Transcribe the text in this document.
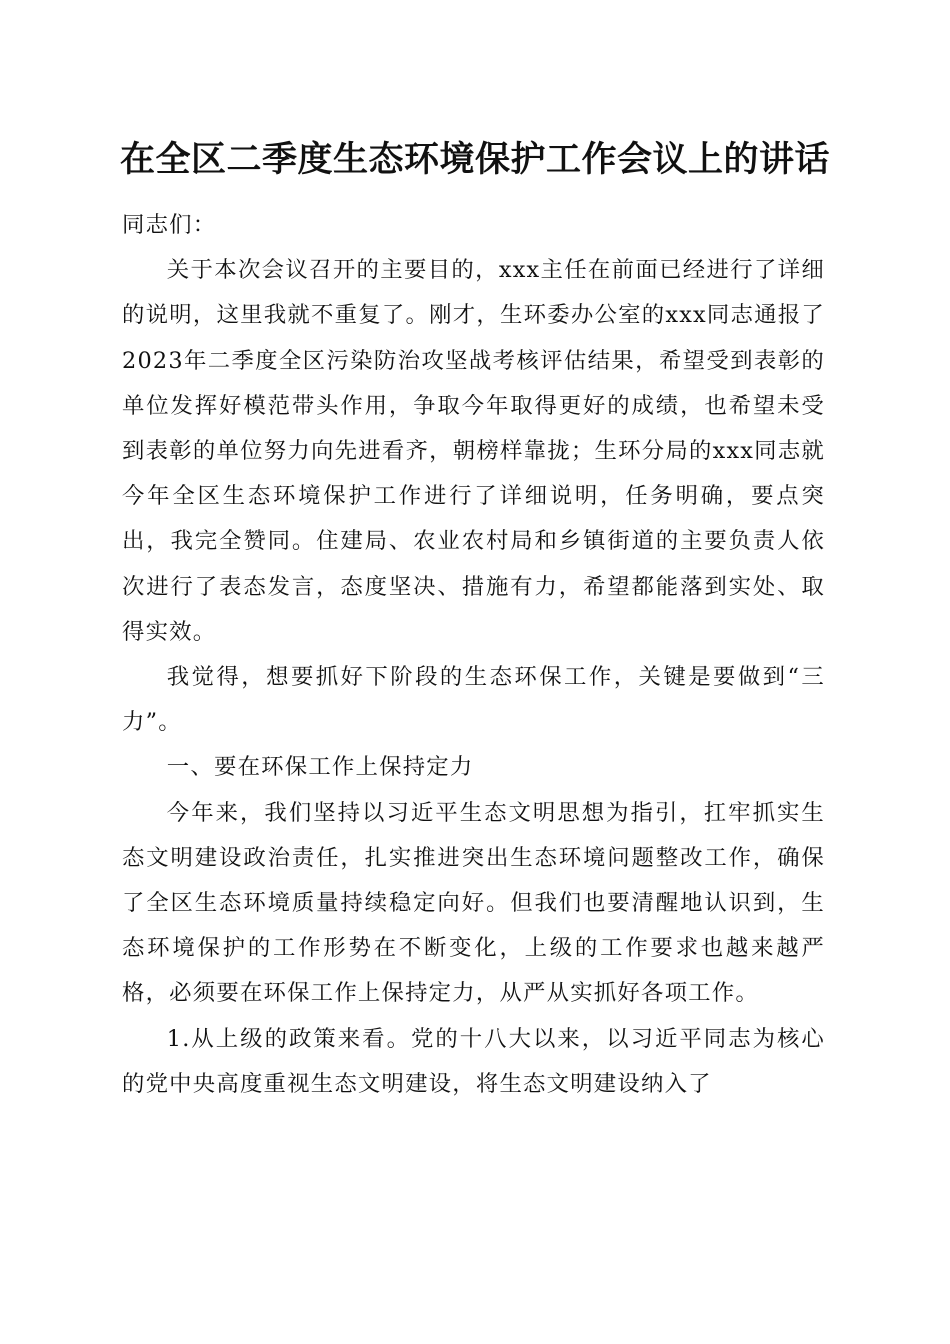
在全区二季度生态环境保护工作会议上的讲话

同志们：

关于本次会议召开的主要目的，xxx主任在前面已经进行了详细的说明，这里我就不重复了。刚才，生环委办公室的xxx同志通报了2023年二季度全区污染防治攻坚战考核评估结果，希望受到表彰的单位发挥好模范带头作用，争取今年取得更好的成绩，也希望未受到表彰的单位努力向先进看齐，朝榜样靠拢；生环分局的xxx同志就今年全区生态环境保护工作进行了详细说明，任务明确，要点突出，我完全赞同。住建局、农业农村局和乡镇街道的主要负责人依次进行了表态发言，态度坚决、措施有力，希望都能落到实处、取得实效。

我觉得，想要抓好下阶段的生态环保工作，关键是要做到“三力”。

一、要在环保工作上保持定力

今年来，我们坚持以习近平生态文明思想为指引，扛牢抓实生态文明建设政治责任，扎实推进突出生态环境问题整改工作，确保了全区生态环境质量持续稳定向好。但我们也要清醒地认识到，生态环境保护的工作形势在不断变化，上级的工作要求也越来越严格，必须要在环保工作上保持定力，从严从实抓好各项工作。

1.从上级的政策来看。党的十八大以来，以习近平同志为核心的党中央高度重视生态文明建设，将生态文明建设纳入了
